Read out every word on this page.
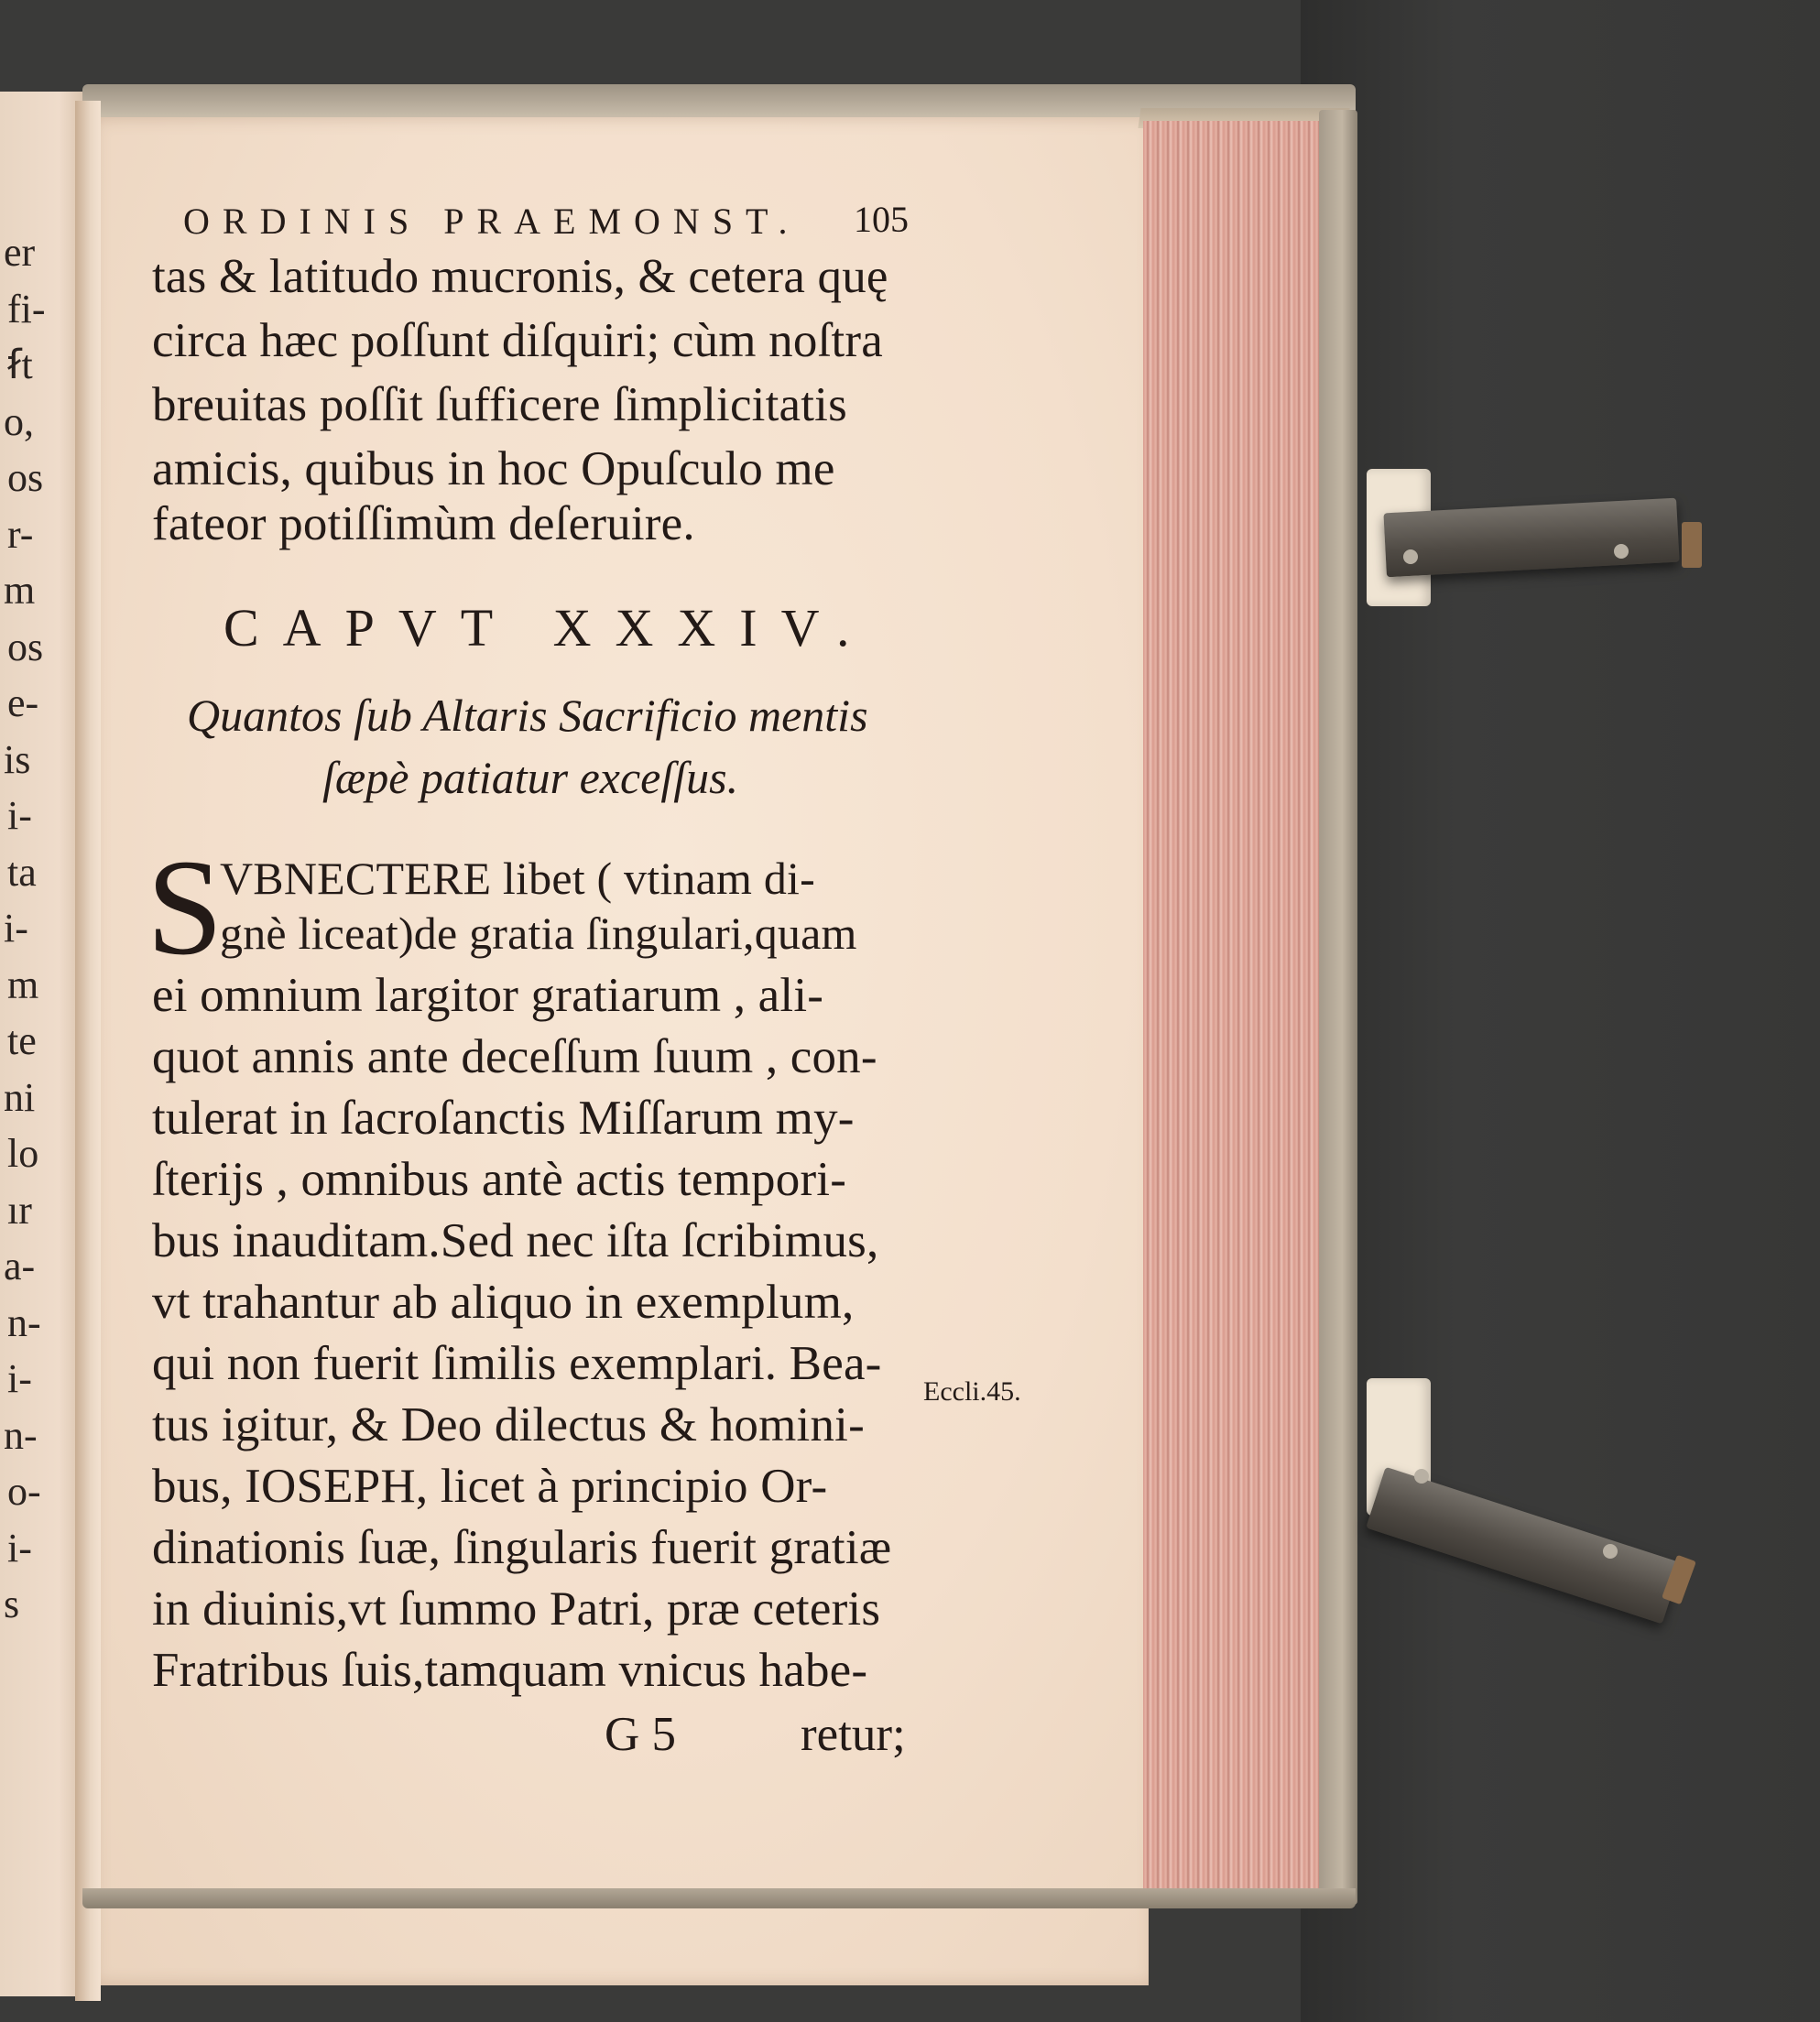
er
fi-
ẜt
o,
os
r-
m
os
e-
is
i-
ta
i-
m
te
ni
lo
ır
a-
n-
i-
n-
o-
i-
s
ORDINIS PRAEMONST. 105
tas & latitudo mucronis, & cetera quę
circa hæc poſſunt diſquiri; cùm noſtra
breuitas poſſit ſufficere ſimplicitatis
amicis, quibus in hoc Opuſculo me
fateor potiſſimùm deſeruire.
CAPVT XXXIV.
Quantos ſub Altaris Sacrificio mentis
ſæpè patiatur exceſſus.
S
VBNECTERE libet ( vtinam di-
gnè liceat)de gratia ſingulari,quam
ei omnium largitor gratiarum , ali-
quot annis ante deceſſum ſuum , con-
tulerat in ſacroſanctis Miſſarum my-
ſterijs , omnibus antè actis tempori-
bus inauditam.Sed nec iſta ſcribimus,
vt trahantur ab aliquo in exemplum,
qui non fuerit ſimilis exemplari. Bea-
tus igitur, & Deo dilectus & homini-
bus, IOSEPH, licet à principio Or-
dinationis ſuæ, ſingularis fuerit gratiæ
in diuinis,vt ſummo Patri, præ ceteris
Fratribus ſuis,tamquam vnicus habe-
Eccli.45.
G 5	retur;
